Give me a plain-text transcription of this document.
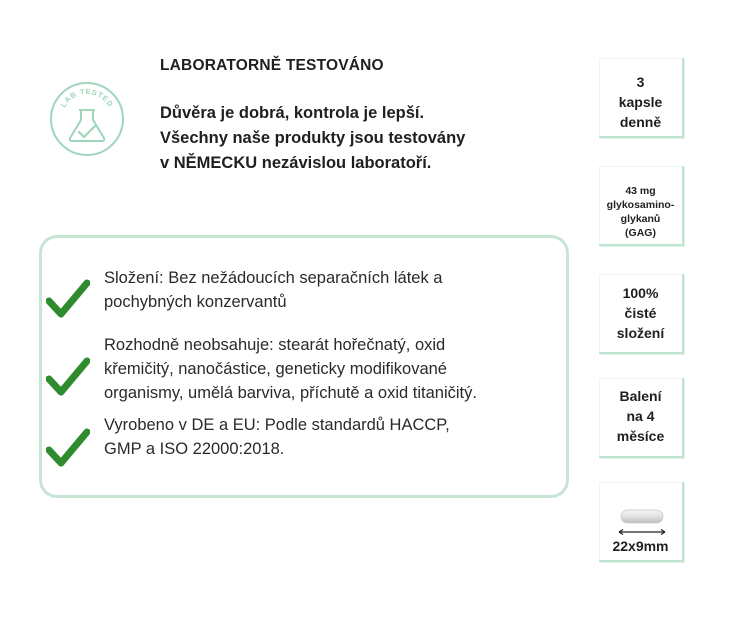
LAB TESTED
LABORATORNĚ TESTOVÁNO
Důvěra je dobrá, kontrola je lepší.
Všechny naše produkty jsou testovány
v NĚMECKU nezávislou laboratoří.
Složení: Bez nežádoucích separačních látek a
pochybných konzervantů
Rozhodně neobsahuje: stearát hořečnatý, oxid
křemičitý, nanočástice, geneticky modifikované
organismy, umělá barviva, příchutě a oxid titaničitý.
Vyrobeno v DE a EU: Podle standardů HACCP,
GMP a ISO 22000:2018.
3
kapsle
denně
43 mg
glykosamino-
glykanů
(GAG)
100%
čisté
složení
Balení
na 4
měsíce
22x9mm
